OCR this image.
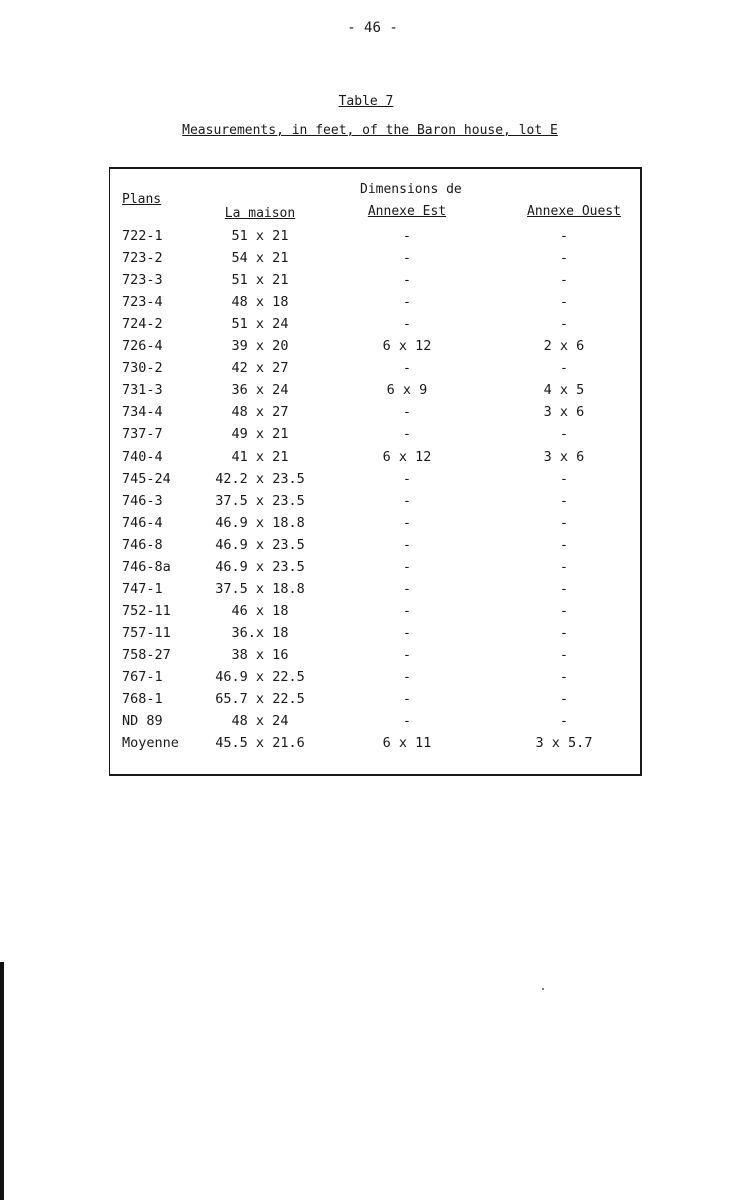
- 46 -
Table 7
Measurements, in feet, of the Baron house, lot E
Plans
Dimensions de
La maison	Annexe Est	Annexe Ouest
722-1	51 x 21	-	-
723-2	54 x 21	-	-
723-3	51 x 21	-	-
723-4	48 x 18	-	-
724-2	51 x 24	-	-
726-4	39 x 20	6 x 12	2 x 6
730-2	42 x 27	-	-
731-3	36 x 24	6 x 9	4 x 5
734-4	48 x 27	-	3 x 6
737-7	49 x 21	-	-
740-4	41 x 21	6 x 12	3 x 6
745-24	42.2 x 23.5	-	-
746-3	37.5 x 23.5	-	-
746-4	46.9 x 18.8	-	-
746-8	46.9 x 23.5	-	-
746-8a	46.9 x 23.5	-	-
747-1	37.5 x 18.8	-	-
752-11	46 x 18	-	-
757-11	36.x 18	-	-
758-27	38 x 16	-	-
767-1	46.9 x 22.5	-	-
768-1	65.7 x 22.5	-	-
ND 89	48 x 24	-	-
Moyenne	45.5 x 21.6	6 x 11	3 x 5.7
